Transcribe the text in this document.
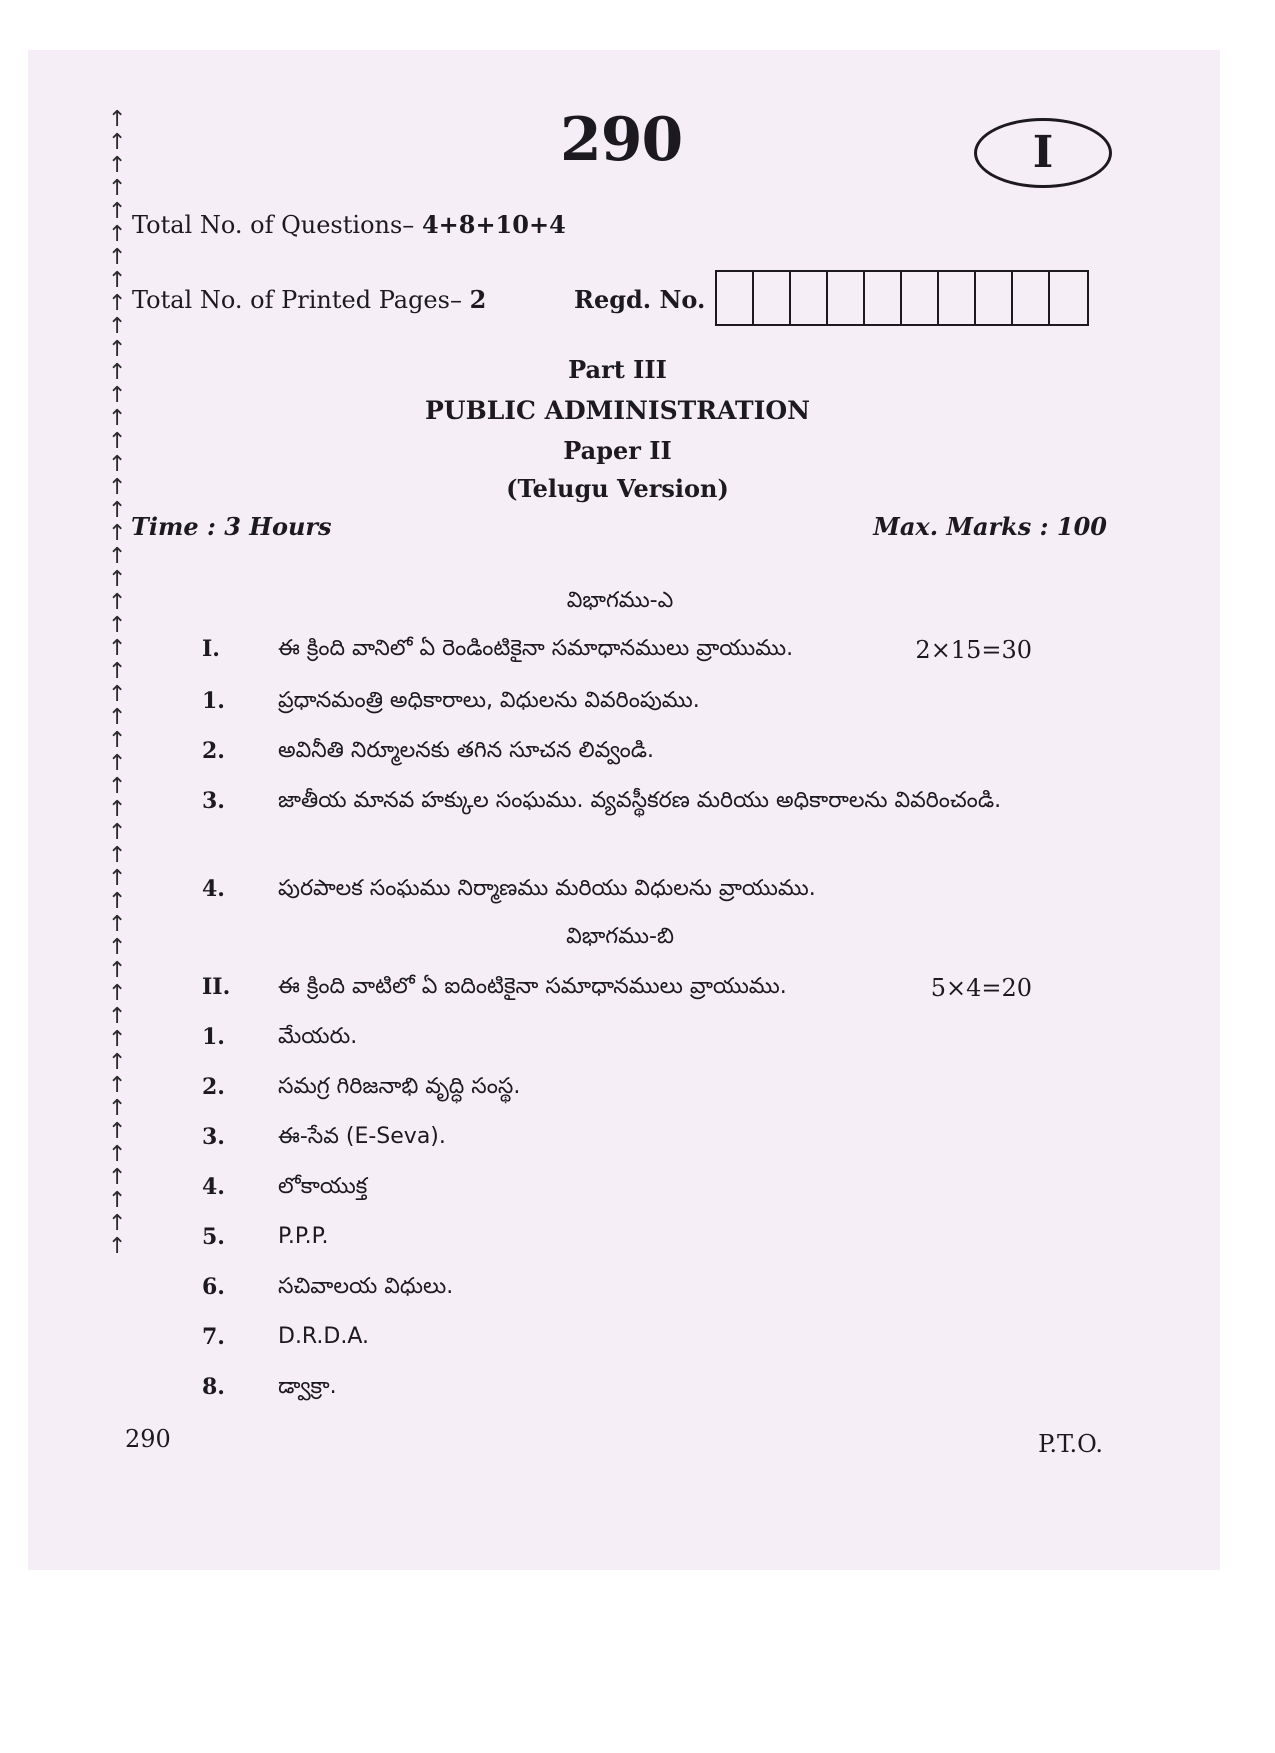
↑
↑
↑
↑
↑
↑
↑
↑
↑
↑
↑
↑
↑
↑
↑
↑
↑
↑
↑
↑
↑
↑
↑
↑
↑
↑
↑
↑
↑
↑
↑
↑
↑
↑
↑
↑
↑
↑
↑
↑
↑
↑
↑
↑
↑
↑
↑
↑
↑
↑
290	I
Total No. of Questions– 4+8+10+4
Total No. of Printed Pages– 2	Regd. No.
Part III
PUBLIC ADMINISTRATION
Paper II
(Telugu Version)
Time : 3 Hours	Max. Marks : 100
విభాగము-ఎ
I.	ఈ క్రింది వానిలో ఏ రెండింటికైనా సమాధానములు వ్రాయుము.	2×15=30
1. ప్రధానమంత్రి అధికారాలు, విధులను వివరింపుము.
2. అవినీతి నిర్మూలనకు తగిన సూచన లివ్వండి.
3. జాతీయ మానవ హక్కుల సంఘము. వ్యవస్థీకరణ మరియు అధికారాలను వివరించండి.
4. పురపాలక సంఘము నిర్మాణము మరియు విధులను వ్రాయుము.
విభాగము-బి
II. ఈ క్రింది వాటిలో ఏ ఐదింటికైనా సమాధానములు వ్రాయుము.	5×4=20
1. మేయరు.
2. సమగ్ర గిరిజనాభి వృద్ధి సంస్థ.
3. ఈ-సేవ (E-Seva).
4. లోకాయుక్త
5. P.P.P.
6. సచివాలయ విధులు.
7. D.R.D.A.
8. డ్వాక్రా.
290	P.T.O.
